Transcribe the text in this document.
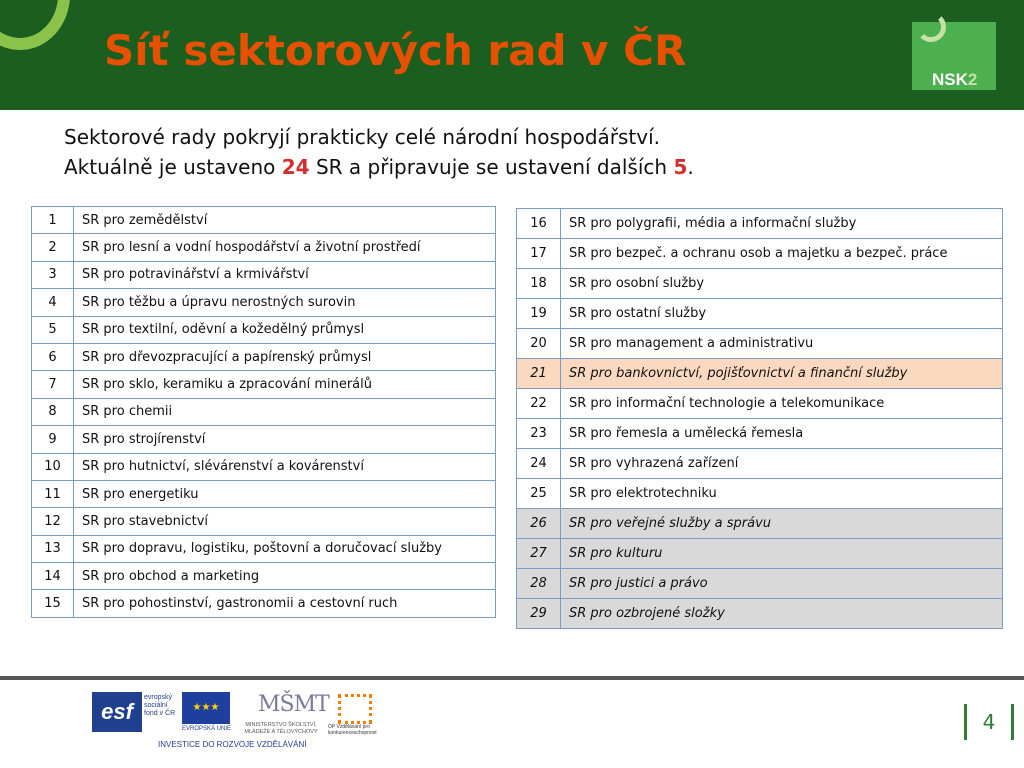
Síť sektorových rad v ČR
NSK2
Sektorové rady pokryjí prakticky celé národní hospodářství.
Aktuálně je ustaveno 24 SR a připravuje se ustavení dalších 5.
1	SR pro zemědělství
2	SR pro lesní a vodní hospodářství a životní prostředí
3	SR pro potravinářství a krmivářství
4	SR pro těžbu a úpravu nerostných surovin
5	SR pro textilní, oděvní a kožedělný průmysl
6	SR pro dřevozpracující a papírenský průmysl
7	SR pro sklo, keramiku a zpracování minerálů
8	SR pro chemii
9	SR pro strojírenství
10	SR pro hutnictví, slévárenství a kovárenství
11	SR pro energetiku
12	SR pro stavebnictví
13	SR pro dopravu, logistiku, poštovní a doručovací služby
14	SR pro obchod a marketing
15	SR pro pohostinství, gastronomii a cestovní ruch
16	SR pro polygrafii, média a informační služby
17	SR pro bezpeč. a ochranu osob a majetku a bezpeč. práce
18	SR pro osobní služby
19	SR pro ostatní služby
20	SR pro management a administrativu
21	SR pro bankovnictví, pojišťovnictví a finanční služby
22	SR pro informační technologie a telekomunikace
23	SR pro řemesla a umělecká řemesla
24	SR pro vyhrazená zařízení
25	SR pro elektrotechniku
26	SR pro veřejné služby a správu
27	SR pro kulturu
28	SR pro justici a právo
29	SR pro ozbrojené složky
esf
evropský sociální fond v ČR
★★★
EVROPSKÁ UNIE
MŠMT
MINISTERSTVO ŠKOLSTVÍ, MLÁDEŽE A TĚLOVÝCHOVY
OP Vzdělávání pro konkurenceschopnost
INVESTICE DO ROZVOJE VZDĚLÁVÁNÍ
4
